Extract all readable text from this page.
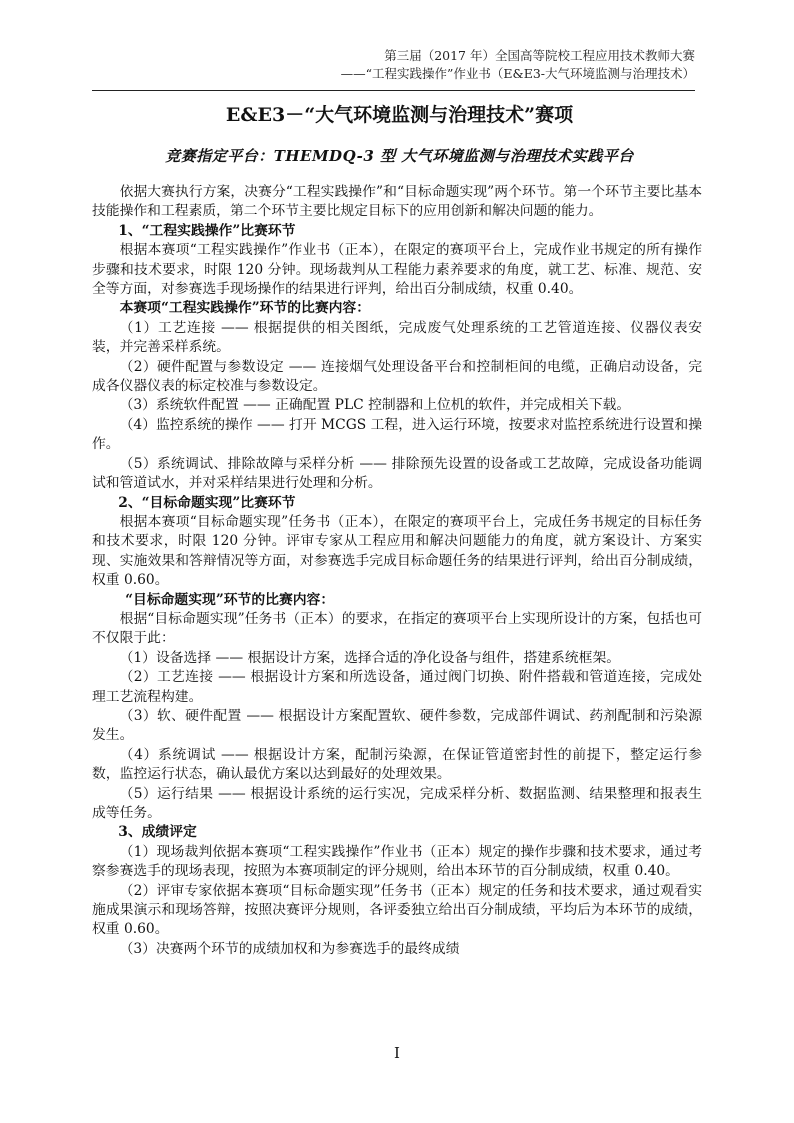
第三届（2017 年）全国高等院校工程应用技术教师大赛
——“工程实践操作”作业书（E&E3-大气环境监测与治理技术）
E&E3－“大气环境监测与治理技术”赛项
竞赛指定平台：THEMDQ-3 型 大气环境监测与治理技术实践平台

依据大赛执行方案，决赛分“工程实践操作”和“目标命题实现”两个环节。第一个环节主要比基本技能操作和工程素质，第二个环节主要比规定目标下的应用创新和解决问题的能力。

1、“工程实践操作”比赛环节

根据本赛项“工程实践操作”作业书（正本），在限定的赛项平台上，完成作业书规定的所有操作步骤和技术要求，时限 120 分钟。现场裁判从工程能力素养要求的角度，就工艺、标准、规范、安全等方面，对参赛选手现场操作的结果进行评判，给出百分制成绩，权重 0.40。

本赛项“工程实践操作”环节的比赛内容：

（1）工艺连接 —— 根据提供的相关图纸，完成废气处理系统的工艺管道连接、仪器仪表安装，并完善采样系统。

（2）硬件配置与参数设定 —— 连接烟气处理设备平台和控制柜间的电缆，正确启动设备，完成各仪器仪表的标定校准与参数设定。

（3）系统软件配置 —— 正确配置 PLC 控制器和上位机的软件，并完成相关下载。

（4）监控系统的操作 —— 打开 MCGS 工程，进入运行环境，按要求对监控系统进行设置和操作。

（5）系统调试、排除故障与采样分析 —— 排除预先设置的设备或工艺故障，完成设备功能调试和管道试水，并对采样结果进行处理和分析。

2、“目标命题实现”比赛环节

根据本赛项“目标命题实现”任务书（正本），在限定的赛项平台上，完成任务书规定的目标任务和技术要求，时限 120 分钟。评审专家从工程应用和解决问题能力的角度，就方案设计、方案实现、实施效果和答辩情况等方面，对参赛选手完成目标命题任务的结果进行评判，给出百分制成绩，权重 0.60。

“目标命题实现”环节的比赛内容：

根据“目标命题实现”任务书（正本）的要求，在指定的赛项平台上实现所设计的方案，包括也可不仅限于此：

（1）设备选择 —— 根据设计方案，选择合适的净化设备与组件，搭建系统框架。

（2）工艺连接 —— 根据设计方案和所选设备，通过阀门切换、附件搭载和管道连接，完成处理工艺流程构建。

（3）软、硬件配置 —— 根据设计方案配置软、硬件参数，完成部件调试、药剂配制和污染源发生。

（4）系统调试 —— 根据设计方案，配制污染源，在保证管道密封性的前提下，整定运行参数，监控运行状态，确认最优方案以达到最好的处理效果。

（5）运行结果 —— 根据设计系统的运行实况，完成采样分析、数据监测、结果整理和报表生成等任务。

3、成绩评定

（1）现场裁判依据本赛项“工程实践操作”作业书（正本）规定的操作步骤和技术要求，通过考察参赛选手的现场表现，按照为本赛项制定的评分规则，给出本环节的百分制成绩，权重 0.40。

（2）评审专家依据本赛项“目标命题实现”任务书（正本）规定的任务和技术要求，通过观看实施成果演示和现场答辩，按照决赛评分规则，各评委独立给出百分制成绩，平均后为本环节的成绩，权重 0.60。

（3）决赛两个环节的成绩加权和为参赛选手的最终成绩

I
